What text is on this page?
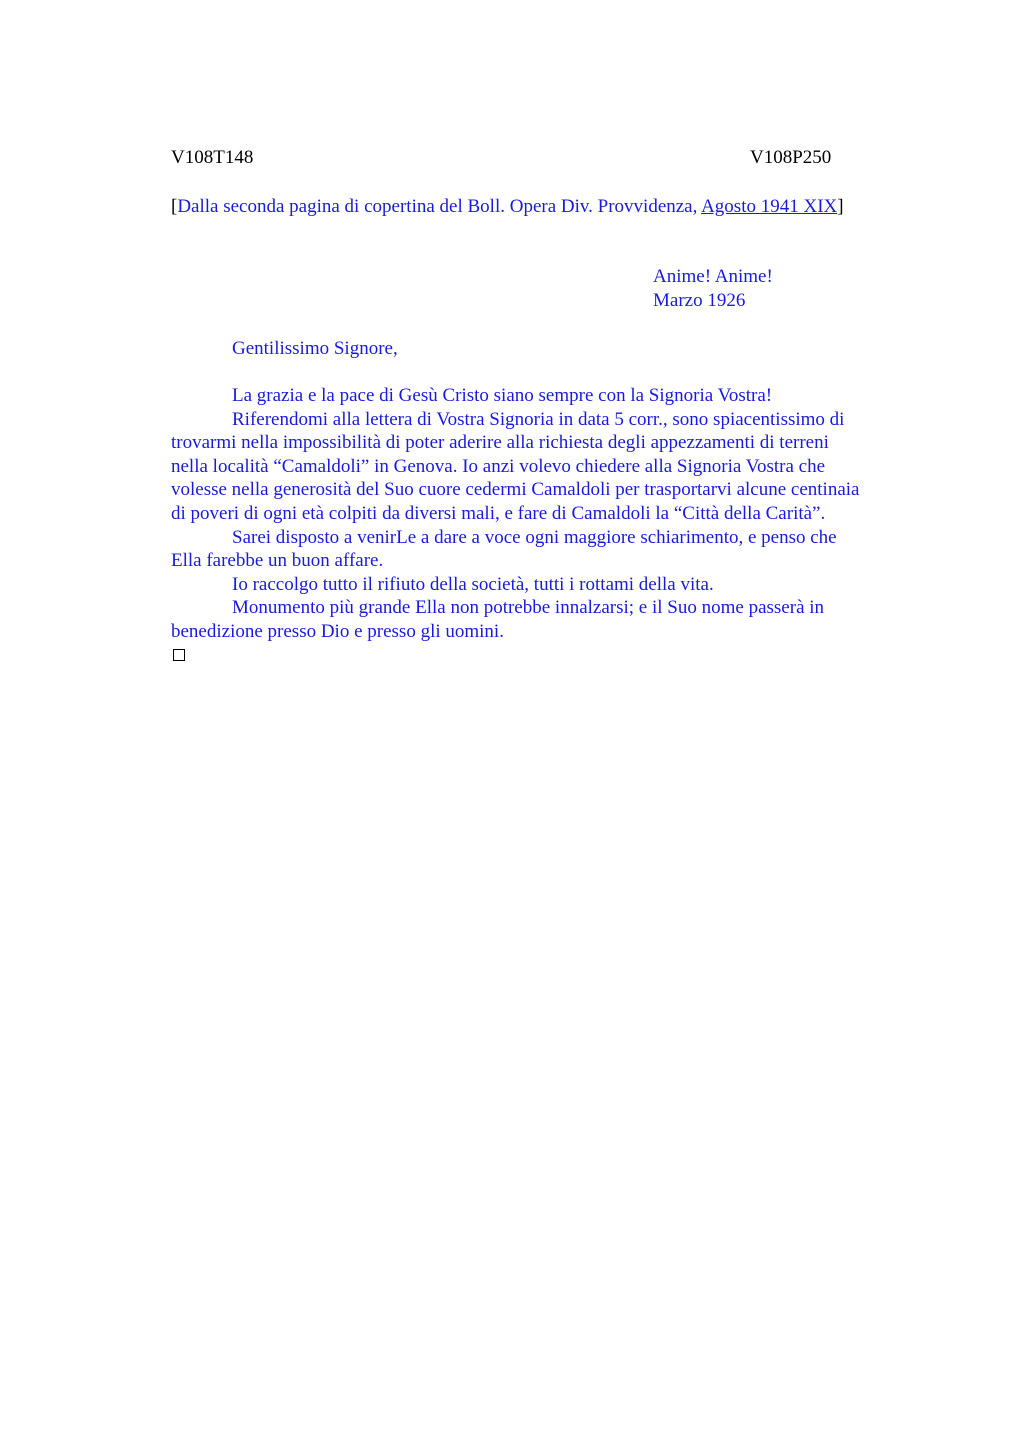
V108T148	V108P250
[Dalla seconda pagina di copertina del Boll. Opera Div. Provvidenza, Agosto 1941 XIX]
Anime! Anime!
Marzo 1926
Gentilissimo Signore,

La grazia e la pace di Gesù Cristo siano sempre con la Signoria Vostra!

Riferendomi alla lettera di Vostra Signoria in data 5 corr., sono spiacentissimo di
trovarmi nella impossibilità di poter aderire alla richiesta degli appezzamenti di terreni
nella località “Camaldoli” in Genova. Io anzi volevo chiedere alla Signoria Vostra che
volesse nella generosità del Suo cuore cedermi Camaldoli per trasportarvi alcune centinaia
di poveri di ogni età colpiti da diversi mali, e fare di Camaldoli la “Città della Carità”.

Sarei disposto a venirLe a dare a voce ogni maggiore schiarimento, e penso che
Ella farebbe un buon affare.

Io raccolgo tutto il rifiuto della società, tutti i rottami della vita.

Monumento più grande Ella non potrebbe innalzarsi; e il Suo nome passerà in
benedizione presso Dio e presso gli uomini.
